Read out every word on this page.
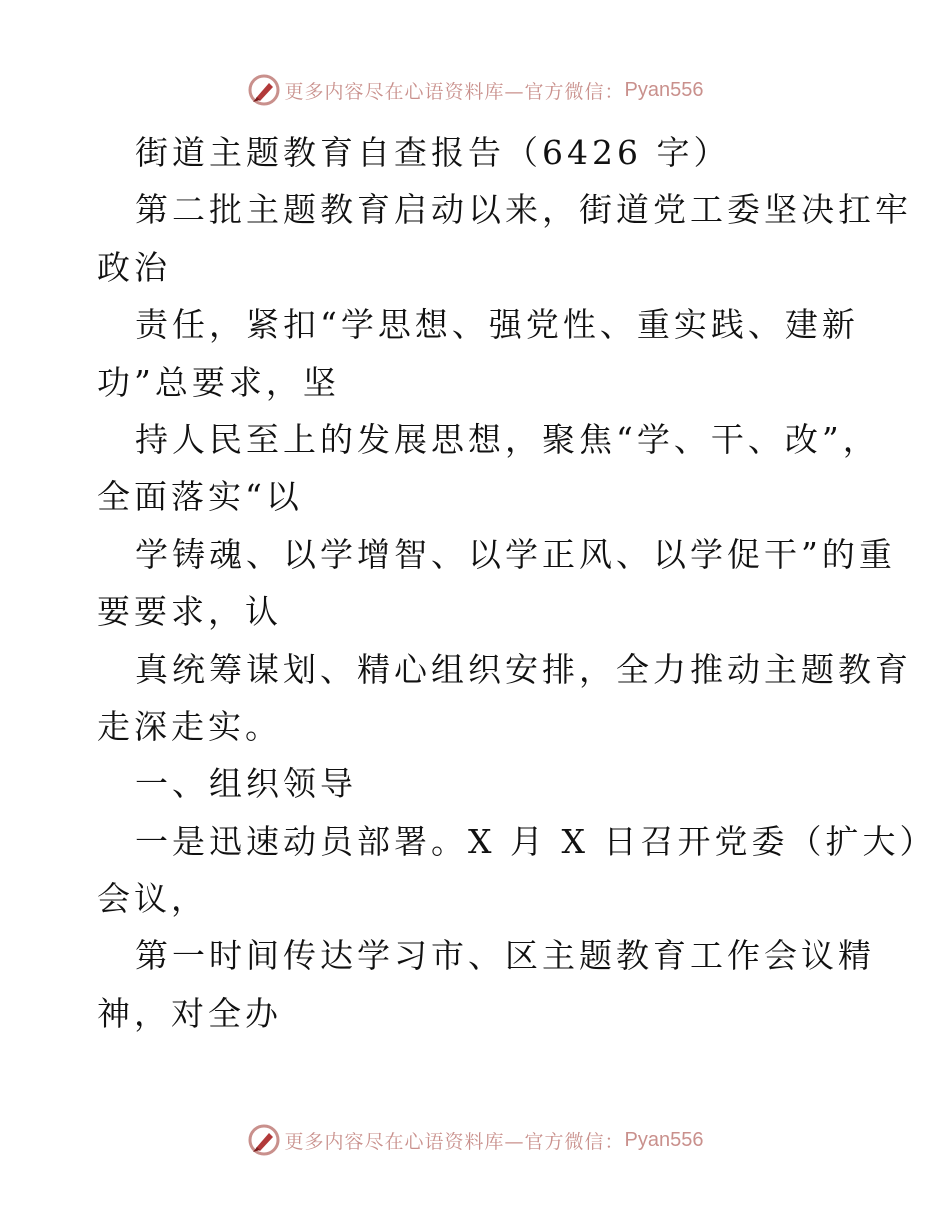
更多内容尽在心语资料库—官方微信： Pyan556
街道主题教育自查报告（6426 字）
第二批主题教育启动以来，街道党工委坚决扛牢
政治
责任，紧扣“学思想、强党性、重实践、建新
功”总要求，坚
持人民至上的发展思想，聚焦“学、干、改”，
全面落实“以
学铸魂、以学增智、以学正风、以学促干”的重
要要求，认
真统筹谋划、精心组织安排，全力推动主题教育
走深走实。
一、组织领导
一是迅速动员部署。X 月 X 日召开党委（扩大）
会议，
第一时间传达学习市、区主题教育工作会议精
神，对全办
更多内容尽在心语资料库—官方微信： Pyan556
